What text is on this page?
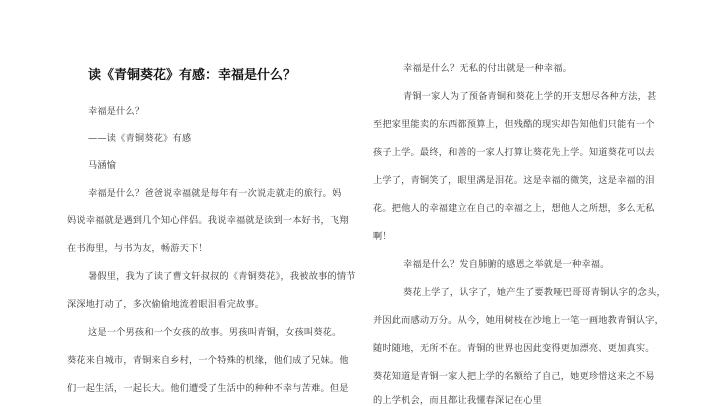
读《青铜葵花》有感：幸福是什么？
幸福是什么？
——读《青铜葵花》有感
马涵愉
幸福是什么？爸爸说幸福就是每年有一次说走就走的旅行。妈
妈说幸福就是遇到几个知心伴侣。我说幸福就是读到一本好书，飞翔
在书海里，与书为友，畅游天下！
暑假里，我为了读了曹文轩叔叔的《青铜葵花》，我被故事的情节
深深地打动了，多次偷偷地流着眼泪看完故事。
这是一个男孩和一个女孩的故事。男孩叫青铜，女孩叫葵花。
葵花来自城市，青铜来自乡村，一个特殊的机缘，他们成了兄妹。他
们一起生活，一起长大。他们遭受了生活中的种种不幸与苦难。但是
幸福是什么？无私的付出就是一种幸福。
青铜一家人为了预备青铜和葵花上学的开支想尽各种方法，甚
至把家里能卖的东西都预算上，但残酷的现实却告知他们只能有一个
孩子上学。最终，和善的一家人打算让葵花先上学。知道葵花可以去
上学了，青铜笑了，眼里满是泪花。这是幸福的微笑，这是幸福的泪
花。把他人的幸福建立在自己的幸福之上，想他人之所想，多么无私
啊！
幸福是什么？发自肺腑的感恩之举就是一种幸福。
葵花上学了，认字了，她产生了要教哑巴哥哥青铜认字的念头，
并因此而感动万分。从今，她用树枝在沙地上一笔一画地教青铜认字，
随时随地，无所不在。青铜的世界也因此变得更加漂亮、更加真实。
葵花知道是青铜一家人把上学的名额给了自己，她更珍惜这来之不易
的上学机会，而且都让我懂春深记在心里
